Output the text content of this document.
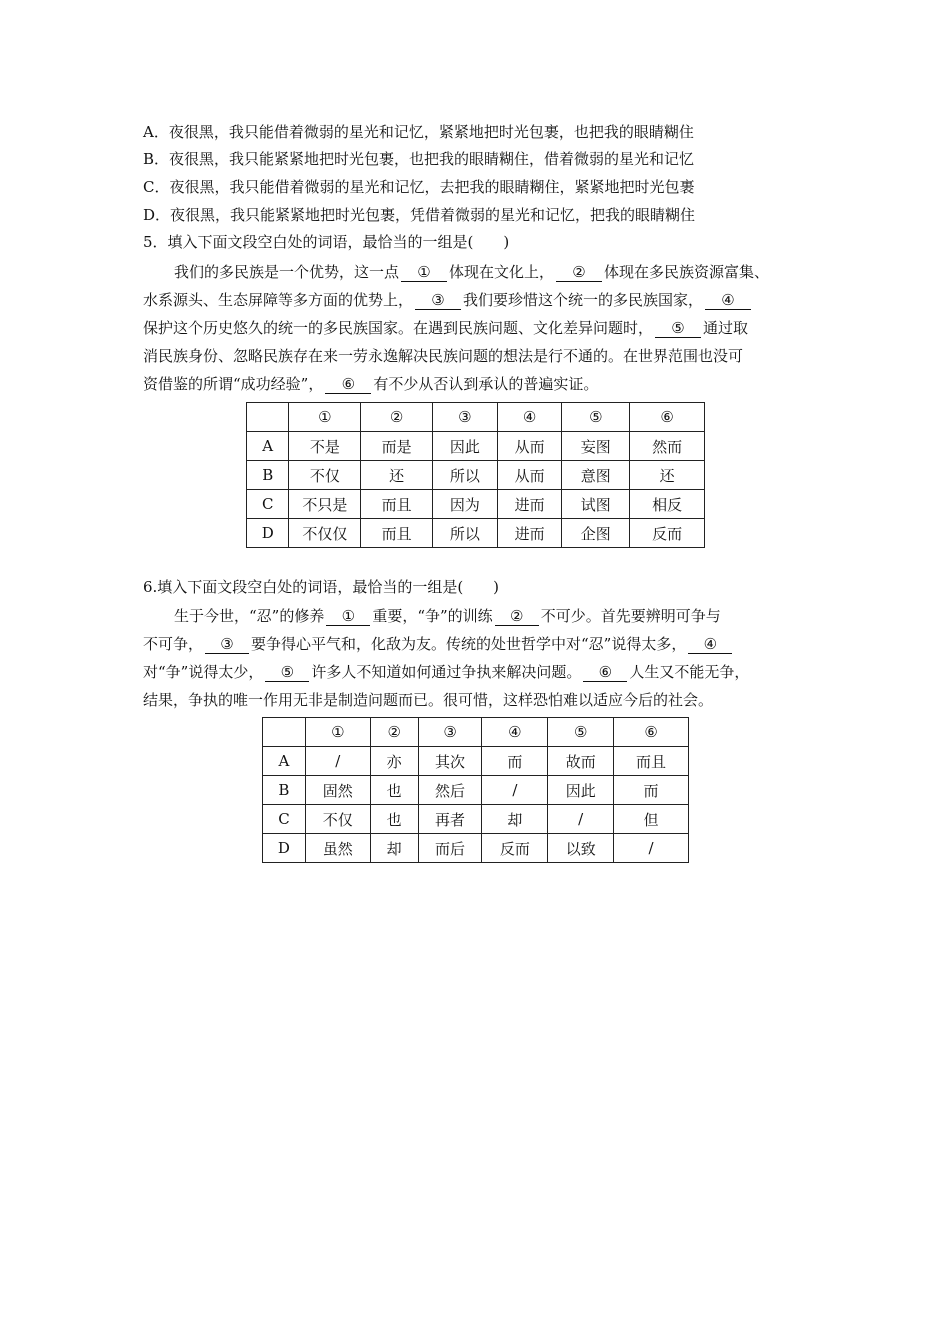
A．夜很黑，我只能借着微弱的星光和记忆，紧紧地把时光包裹，也把我的眼睛糊住
B．夜很黑，我只能紧紧地把时光包裹，也把我的眼睛糊住，借着微弱的星光和记忆
C．夜很黑，我只能借着微弱的星光和记忆，去把我的眼睛糊住，紧紧地把时光包裹
D．夜很黑，我只能紧紧地把时光包裹，凭借着微弱的星光和记忆，把我的眼睛糊住
5．填入下面文段空白处的词语，最恰当的一组是(　　)
我们的多民族是一个优势，这一点 ① 体现在文化上， ② 体现在多民族资源富集、
水系源头、生态屏障等多方面的优势上， ③ 我们要珍惜这个统一的多民族国家， ④
保护这个历史悠久的统一的多民族国家。在遇到民族问题、文化差异问题时， ⑤ 通过取
消民族身份、忽略民族存在来一劳永逸解决民族问题的想法是行不通的。在世界范围也没可
资借鉴的所谓“成功经验”， ⑥ 有不少从否认到承认的普遍实证。
	①	②	③	④	⑤	⑥
A	不是	而是	因此	从而	妄图	然而
B	不仅	还	所以	从而	意图	还
C	不只是	而且	因为	进而	试图	相反
D	不仅仅	而且	所以	进而	企图	反而
6.填入下面文段空白处的词语，最恰当的一组是(　　)
生于今世，“忍”的修养 ① 重要，“争”的训练 ② 不可少。首先要辨明可争与
不可争， ③ 要争得心平气和，化敌为友。传统的处世哲学中对“忍”说得太多， ④
对“争”说得太少， ⑤ 许多人不知道如何通过争执来解决问题。 ⑥ 人生又不能无争，
结果，争执的唯一作用无非是制造问题而已。很可惜，这样恐怕难以适应今后的社会。
	①	②	③	④	⑤	⑥
A	/	亦	其次	而	故而	而且
B	固然	也	然后	/	因此	而
C	不仅	也	再者	却	/	但
D	虽然	却	而后	反而	以致	/
